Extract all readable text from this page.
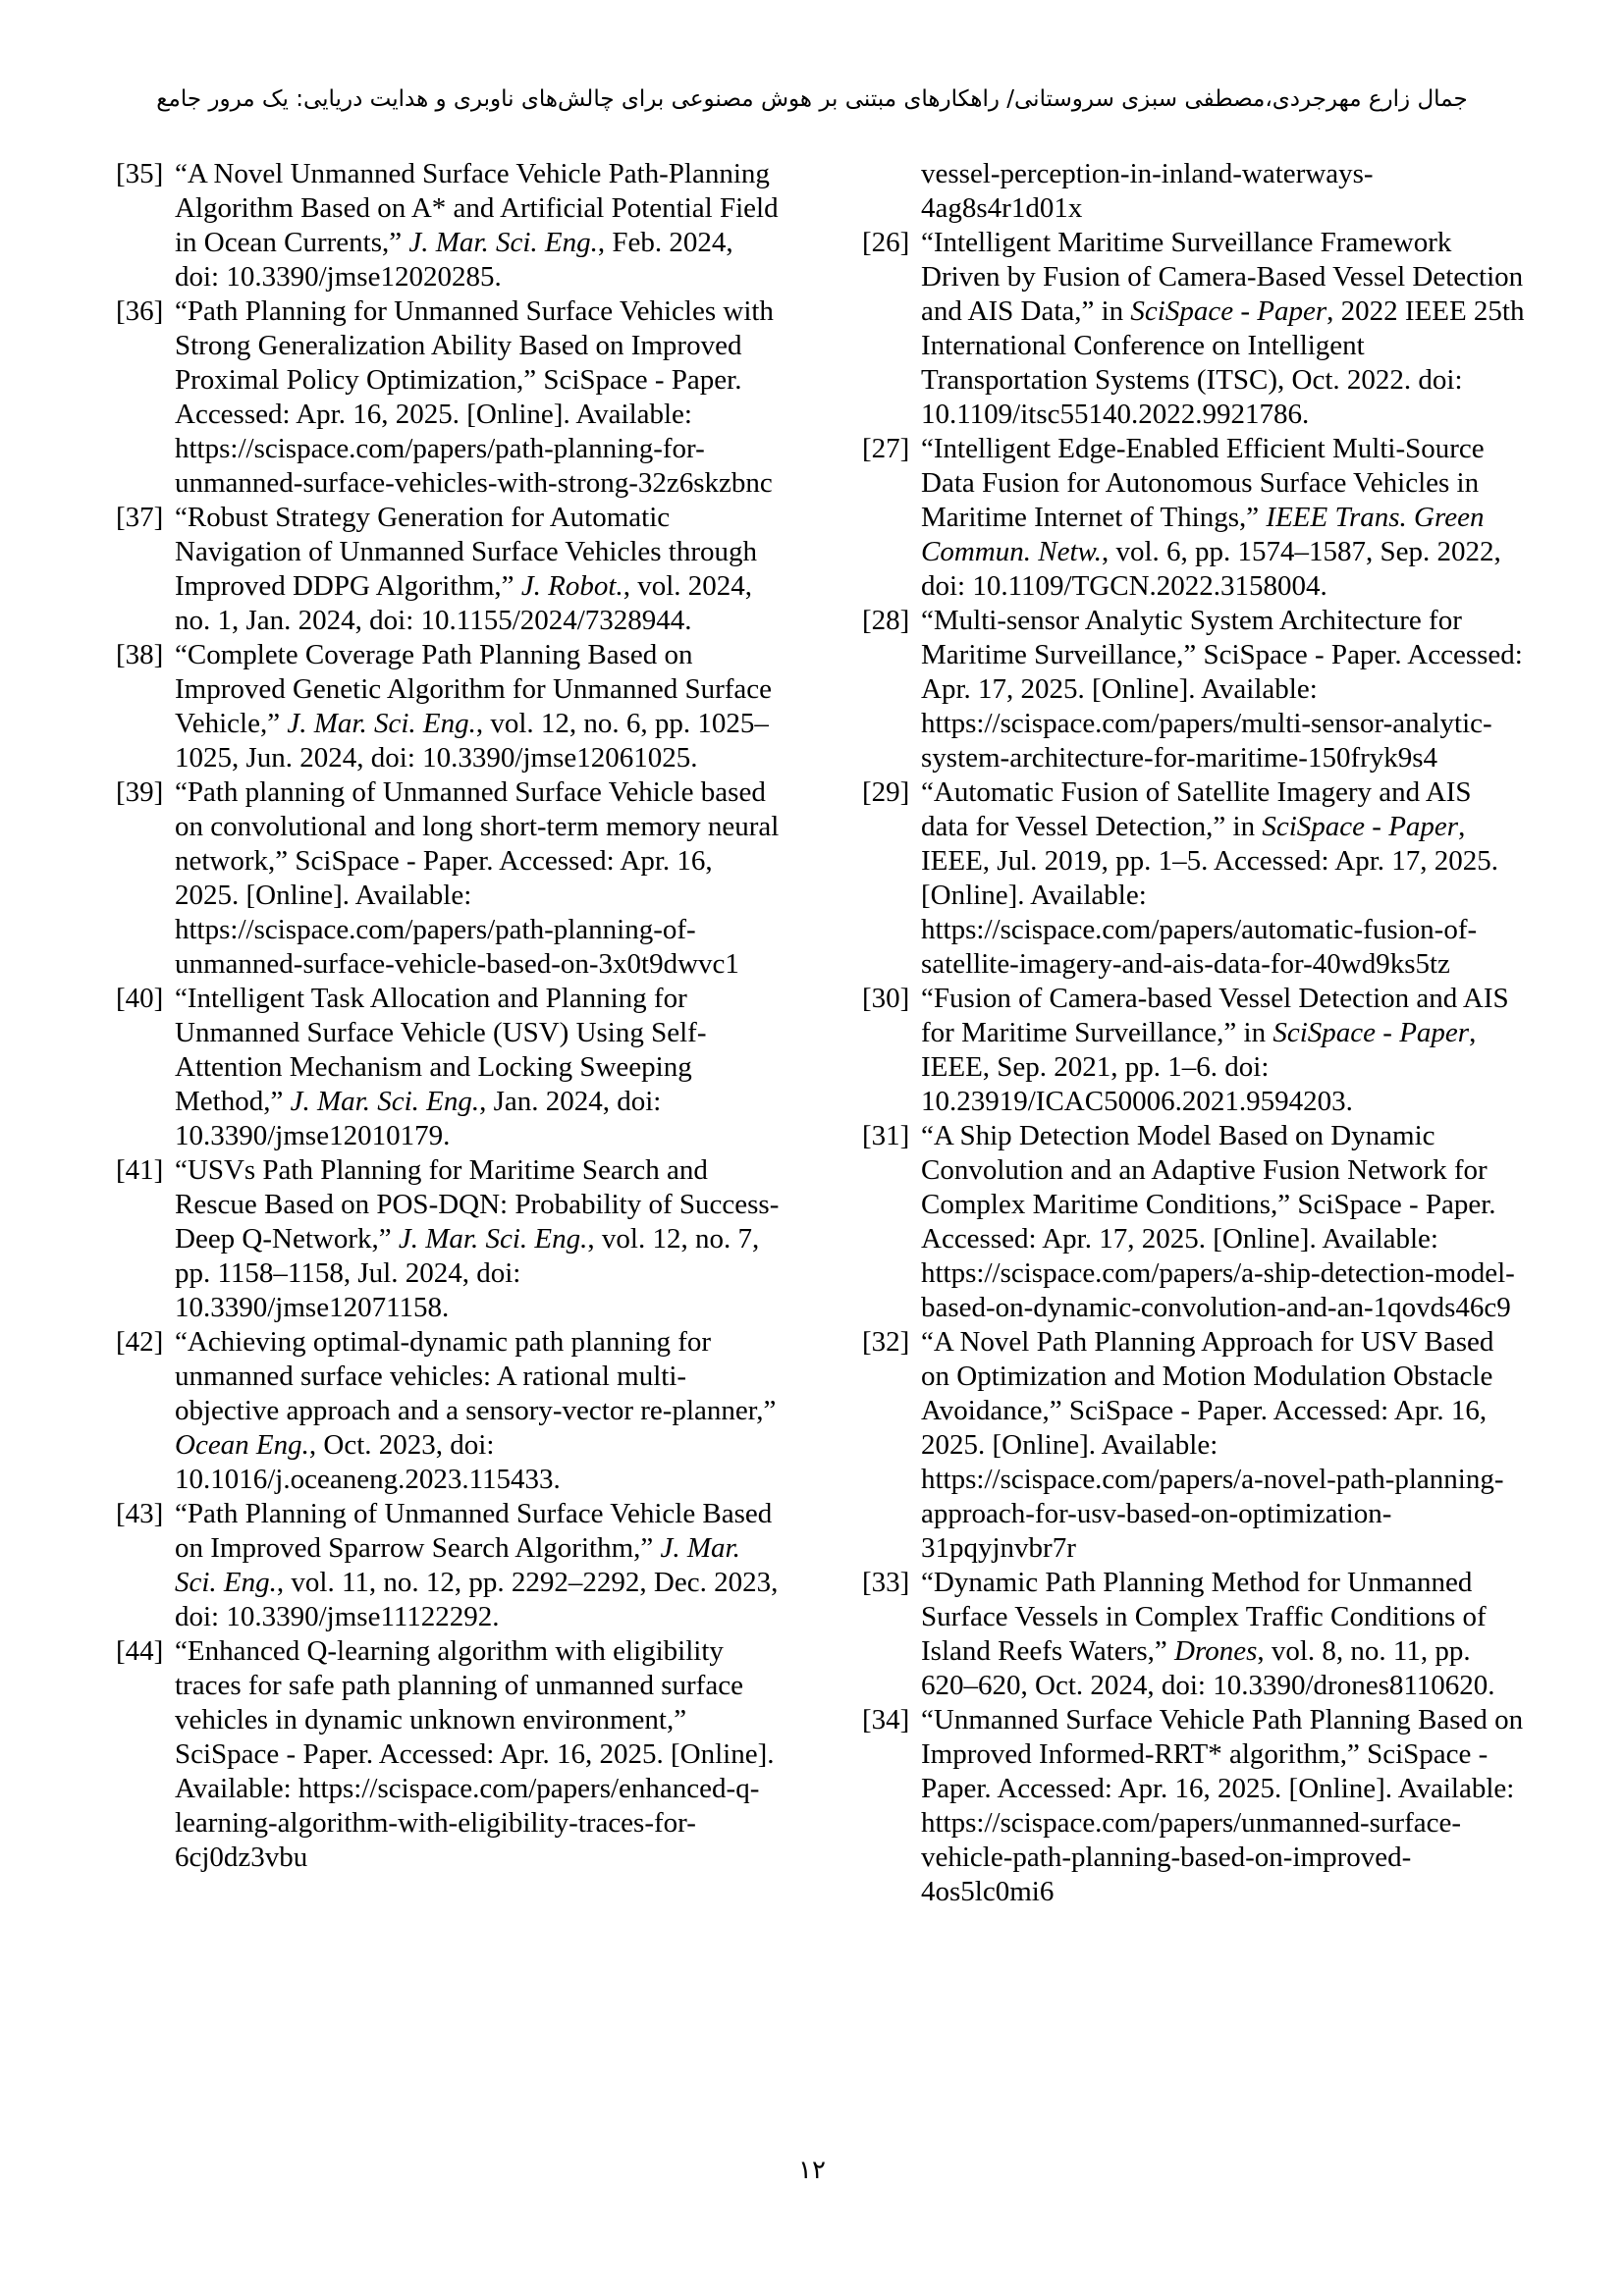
جمال زارع مهرجردی،مصطفی سبزی سروستانی/ راهکارهای مبتنی بر هوش مصنوعی برای چالش‌های ناوبری و هدایت دریایی: یک مرور جامع
[35] “A Novel Unmanned Surface Vehicle Path-Planning Algorithm Based on A* and Artificial Potential Field in Ocean Currents,” J. Mar. Sci. Eng., Feb. 2024, doi: 10.3390/jmse12020285.
[36] “Path Planning for Unmanned Surface Vehicles with Strong Generalization Ability Based on Improved Proximal Policy Optimization,” SciSpace - Paper. Accessed: Apr. 16, 2025. [Online]. Available: https://scispace.com/papers/path-planning-for-unmanned-surface-vehicles-with-strong-32z6skzbnc
[37] “Robust Strategy Generation for Automatic Navigation of Unmanned Surface Vehicles through Improved DDPG Algorithm,” J. Robot., vol. 2024, no. 1, Jan. 2024, doi: 10.1155/2024/7328944.
[38] “Complete Coverage Path Planning Based on Improved Genetic Algorithm for Unmanned Surface Vehicle,” J. Mar. Sci. Eng., vol. 12, no. 6, pp. 1025–1025, Jun. 2024, doi: 10.3390/jmse12061025.
[39] “Path planning of Unmanned Surface Vehicle based on convolutional and long short-term memory neural network,” SciSpace - Paper. Accessed: Apr. 16, 2025. [Online]. Available: https://scispace.com/papers/path-planning-of-unmanned-surface-vehicle-based-on-3x0t9dwvc1
[40] “Intelligent Task Allocation and Planning for Unmanned Surface Vehicle (USV) Using Self-Attention Mechanism and Locking Sweeping Method,” J. Mar. Sci. Eng., Jan. 2024, doi: 10.3390/jmse12010179.
[41] “USVs Path Planning for Maritime Search and Rescue Based on POS-DQN: Probability of Success-Deep Q-Network,” J. Mar. Sci. Eng., vol. 12, no. 7, pp. 1158–1158, Jul. 2024, doi: 10.3390/jmse12071158.
[42] “Achieving optimal-dynamic path planning for unmanned surface vehicles: A rational multi-objective approach and a sensory-vector re-planner,” Ocean Eng., Oct. 2023, doi: 10.1016/j.oceaneng.2023.115433.
[43] “Path Planning of Unmanned Surface Vehicle Based on Improved Sparrow Search Algorithm,” J. Mar. Sci. Eng., vol. 11, no. 12, pp. 2292–2292, Dec. 2023, doi: 10.3390/jmse11122292.
[44] “Enhanced Q-learning algorithm with eligibility traces for safe path planning of unmanned surface vehicles in dynamic unknown environment,” SciSpace - Paper. Accessed: Apr. 16, 2025. [Online]. Available: https://scispace.com/papers/enhanced-q-learning-algorithm-with-eligibility-traces-for-6cj0dz3vbu
vessel-perception-in-inland-waterways-4ag8s4r1d01x
[26] “Intelligent Maritime Surveillance Framework Driven by Fusion of Camera-Based Vessel Detection and AIS Data,” in SciSpace - Paper, 2022 IEEE 25th International Conference on Intelligent Transportation Systems (ITSC), Oct. 2022. doi: 10.1109/itsc55140.2022.9921786.
[27] “Intelligent Edge-Enabled Efficient Multi-Source Data Fusion for Autonomous Surface Vehicles in Maritime Internet of Things,” IEEE Trans. Green Commun. Netw., vol. 6, pp. 1574–1587, Sep. 2022, doi: 10.1109/TGCN.2022.3158004.
[28] “Multi-sensor Analytic System Architecture for Maritime Surveillance,” SciSpace - Paper. Accessed: Apr. 17, 2025. [Online]. Available: https://scispace.com/papers/multi-sensor-analytic-system-architecture-for-maritime-150fryk9s4
[29] “Automatic Fusion of Satellite Imagery and AIS data for Vessel Detection,” in SciSpace - Paper, IEEE, Jul. 2019, pp. 1–5. Accessed: Apr. 17, 2025. [Online]. Available: https://scispace.com/papers/automatic-fusion-of-satellite-imagery-and-ais-data-for-40wd9ks5tz
[30] “Fusion of Camera-based Vessel Detection and AIS for Maritime Surveillance,” in SciSpace - Paper, IEEE, Sep. 2021, pp. 1–6. doi: 10.23919/ICAC50006.2021.9594203.
[31] “A Ship Detection Model Based on Dynamic Convolution and an Adaptive Fusion Network for Complex Maritime Conditions,” SciSpace - Paper. Accessed: Apr. 17, 2025. [Online]. Available: https://scispace.com/papers/a-ship-detection-model-based-on-dynamic-convolution-and-an-1qovds46c9
[32] “A Novel Path Planning Approach for USV Based on Optimization and Motion Modulation Obstacle Avoidance,” SciSpace - Paper. Accessed: Apr. 16, 2025. [Online]. Available: https://scispace.com/papers/a-novel-path-planning-approach-for-usv-based-on-optimization-31pqyjnvbr7r
[33] “Dynamic Path Planning Method for Unmanned Surface Vessels in Complex Traffic Conditions of Island Reefs Waters,” Drones, vol. 8, no. 11, pp. 620–620, Oct. 2024, doi: 10.3390/drones8110620.
[34] “Unmanned Surface Vehicle Path Planning Based on Improved Informed-RRT* algorithm,” SciSpace - Paper. Accessed: Apr. 16, 2025. [Online]. Available: https://scispace.com/papers/unmanned-surface-vehicle-path-planning-based-on-improved-4os5lc0mi6
۱۲
